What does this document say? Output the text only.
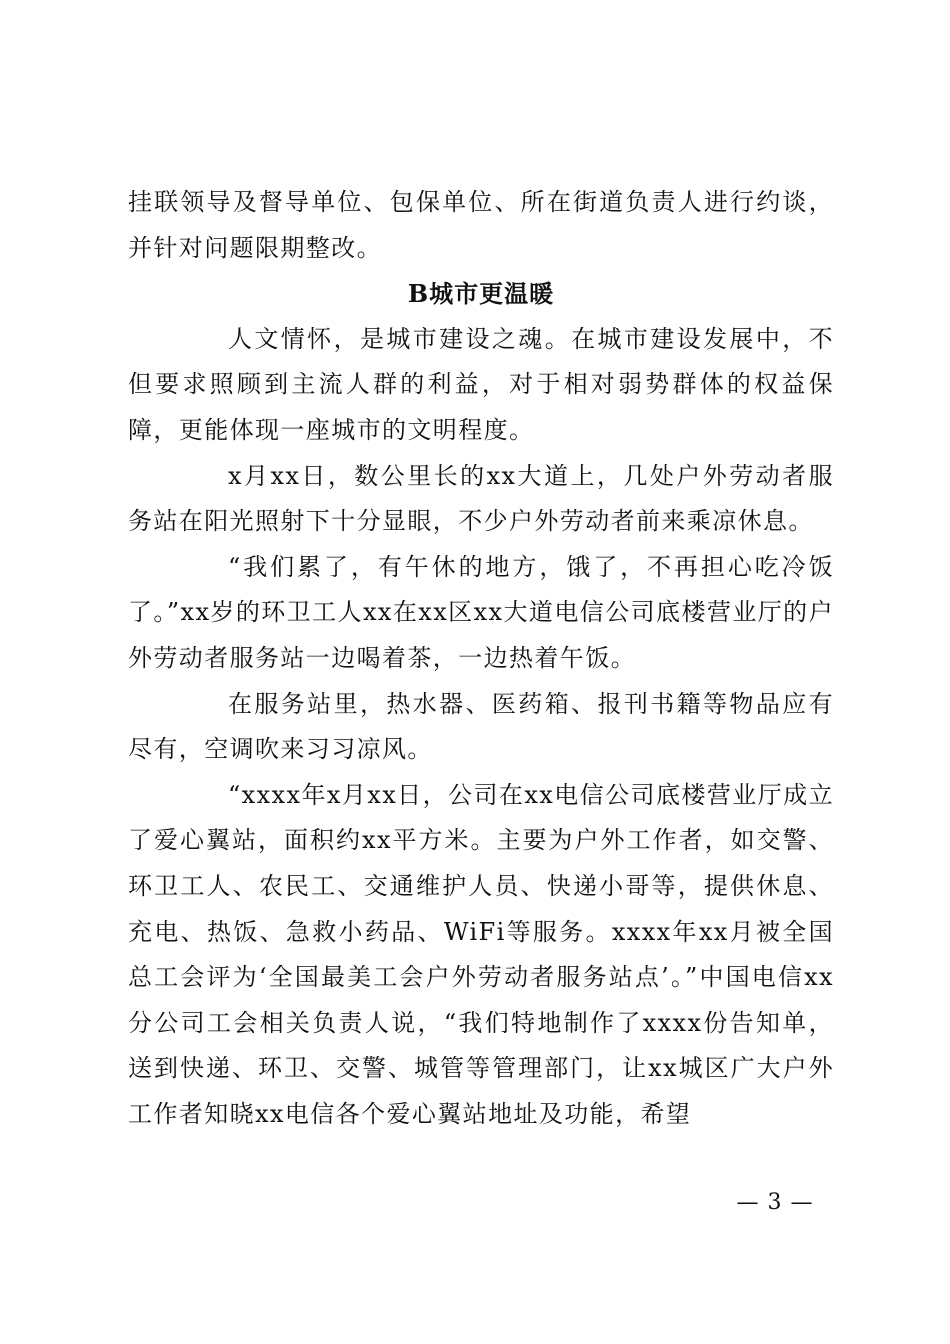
挂联领导及督导单位、包保单位、所在街道负责人进行约谈，并针对问题限期整改。

B城市更温暖

人文情怀，是城市建设之魂。在城市建设发展中，不但要求照顾到主流人群的利益，对于相对弱势群体的权益保障，更能体现一座城市的文明程度。

x月xx日，数公里长的xx大道上，几处户外劳动者服务站在阳光照射下十分显眼，不少户外劳动者前来乘凉休息。

“我们累了，有午休的地方，饿了，不再担心吃冷饭了。”xx岁的环卫工人xx在xx区xx大道电信公司底楼营业厅的户外劳动者服务站一边喝着茶，一边热着午饭。

在服务站里，热水器、医药箱、报刊书籍等物品应有尽有，空调吹来习习凉风。

“xxxx年x月xx日，公司在xx电信公司底楼营业厅成立了爱心翼站，面积约xx平方米。主要为户外工作者，如交警、环卫工人、农民工、交通维护人员、快递小哥等，提供休息、充电、热饭、急救小药品、WiFi等服务。xxxx年xx月被全国总工会评为‘全国最美工会户外劳动者服务站点’。”中国电信xx分公司工会相关负责人说，“我们特地制作了xxxx份告知单，送到快递、环卫、交警、城管等管理部门，让xx城区广大户外工作者知晓xx电信各个爱心翼站地址及功能，希望

— 3 —
